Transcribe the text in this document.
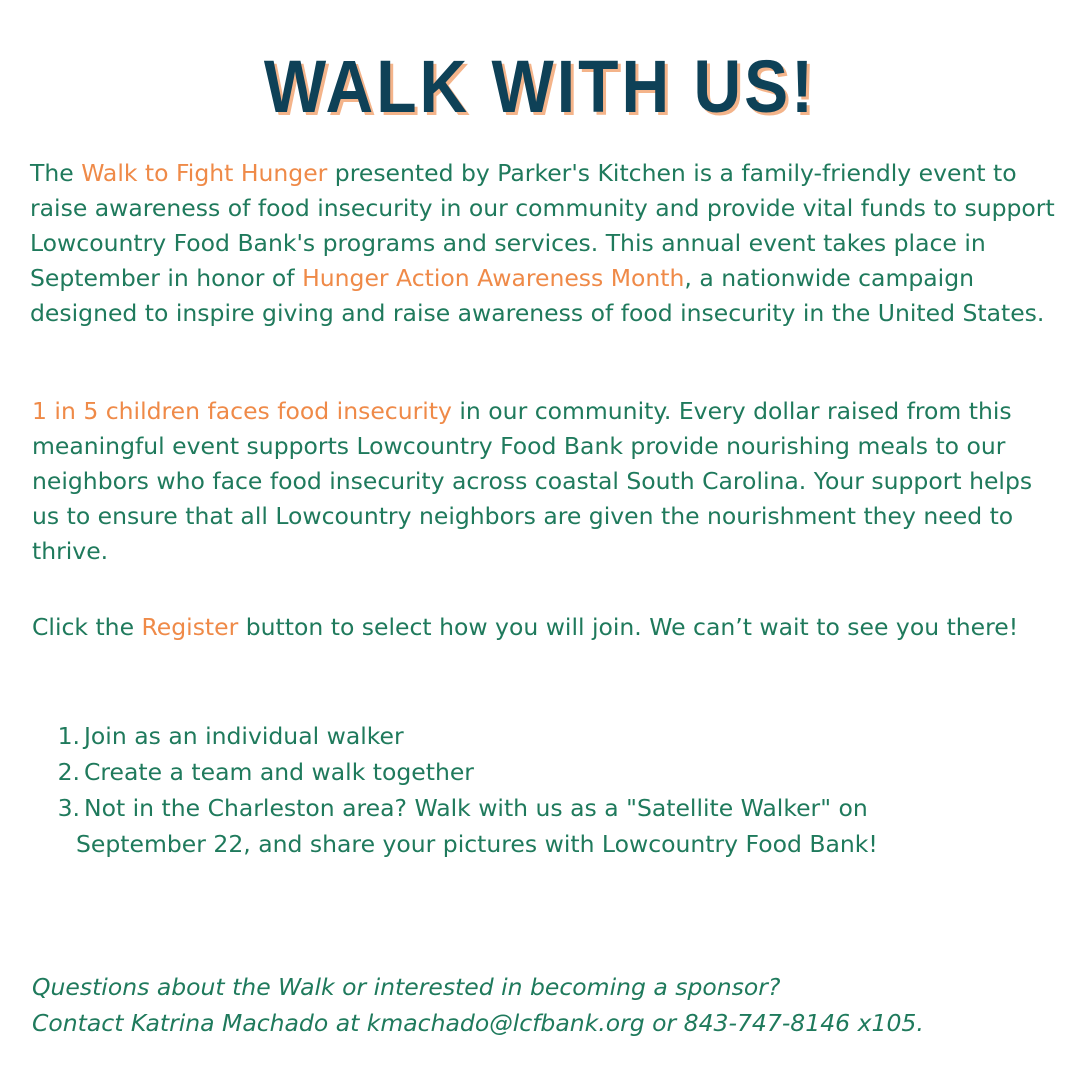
WALK WITH US!

The Walk to Fight Hunger presented by Parker's Kitchen is a family-friendly event to raise awareness of food insecurity in our community and provide vital funds to support Lowcountry Food Bank's programs and services. This annual event takes place in September in honor of Hunger Action Awareness Month, a nationwide campaign designed to inspire giving and raise awareness of food insecurity in the United States.

1 in 5 children faces food insecurity in our community. Every dollar raised from this meaningful event supports Lowcountry Food Bank provide nourishing meals to our neighbors who face food insecurity across coastal South Carolina. Your support helps us to ensure that all Lowcountry neighbors are given the nourishment they need to thrive.

Click the Register button to select how you will join. We can’t wait to see you there!

1. Join as an individual walker
2. Create a team and walk together
3. Not in the Charleston area? Walk with us as a "Satellite Walker" on
September 22, and share your pictures with Lowcountry Food Bank!

Questions about the Walk or interested in becoming a sponsor?
Contact Katrina Machado at kmachado@lcfbank.org or 843-747-8146 x105.
